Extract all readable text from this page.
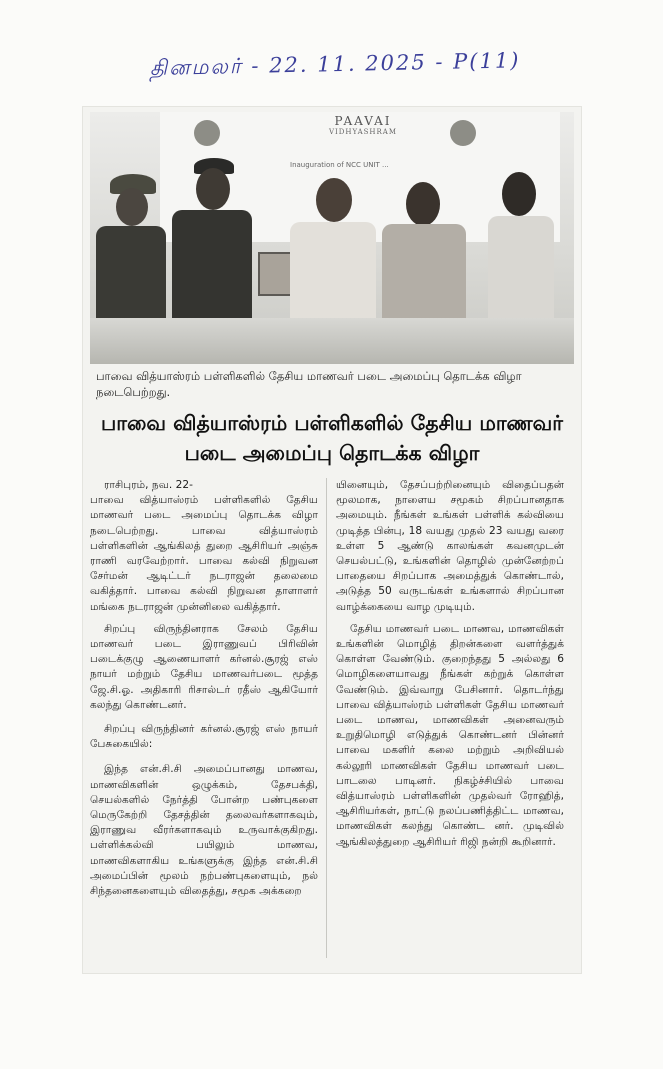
தினமலர் - 22. 11. 2025 - P(11)
PAAVAI
VIDHYASHRAM
Inauguration of NCC UNIT ...
பாவை வித்யாஸ்ரம் பள்ளிகளில் தேசிய மாணவர் படை அமைப்பு தொடக்க விழா நடைபெற்றது.
பாவை வித்யாஸ்ரம் பள்ளிகளில் தேசிய மாணவர் படை அமைப்பு தொடக்க விழா

ராசிபுரம், நவ. 22-
பாவை வித்யாஸ்ரம் பள்ளிகளில் தேசிய மாணவர் படை அமைப்பு தொடக்க விழா நடைபெற்றது. பாவை வித்யாஸ்ரம் பள்ளிகளின் ஆங்கிலத் துறை ஆசிரியர் அஞ்சு ராணி வரவேற்றார். பாவை கல்வி நிறுவன சேர்மன் ஆடிட்டர் நடராஜன் தலைமை வகித்தார். பாவை கல்வி நிறுவன தாளாளர் மங்கை நடராஜன் முன்னிலை வகித்தார்.

சிறப்பு விருந்தினராக சேலம் தேசிய மாணவர் படை இராணுவப் பிரிவின் படைக்குழு ஆணையாளர் கர்னல்.சூரஜ் எஸ் நாயர் மற்றும் தேசிய மாணவர்படை மூத்த ஜே.சி.ஓ. அதிகாரி ரிசால்டர் ரதீஸ் ஆகியோர் கலந்து கொண்டனர்.

சிறப்பு விருந்தினர் கர்னல்.சூரஜ் எஸ் நாயர் பேசுகையில்:

இந்த என்.சி.சி அமைப்பானது மாணவ, மாணவிகளின் ஒழுக்கம், தேசபக்தி, செயல்களில் நேர்த்தி போன்ற பண்புகளை மெருகேற்றி தேசத்தின் தலைவர்களாகவும், இராணுவ வீரர்களாகவும் உருவாக்குகிறது. பள்ளிக்கல்வி பயிலும் மாணவ, மாணவிகளாகிய உங்களுக்கு இந்த என்.சி.சி அமைப்பின் மூலம் நற்பண்புகளையும், நல் சிந்தனைகளையும் விதைத்து, சமூக அக்கறை

யினையும், தேசப்பற்றினையும் விதைப்பதன் மூலமாக, நாளைய சமூகம் சிறப்பானதாக அமையும். நீங்கள் உங்கள் பள்ளிக் கல்வியை முடித்த பின்பு, 18 வயது முதல் 23 வயது வரை உள்ள 5 ஆண்டு காலங்கள் கவனமுடன் செயல்பட்டு, உங்களின் தொழில் முன்னேற்றப் பாதையை சிறப்பாக அமைத்துக் கொண்டால், அடுத்த 50 வருடங்கள் உங்களால் சிறப்பான வாழ்க்கையை வாழ முடியும்.

தேசிய மாணவர் படை மாணவ, மாணவிகள் உங்களின் மொழித் திறன்களை வளர்த்துக் கொள்ள வேண்டும். குறைந்தது 5 அல்லது 6 மொழிகளையாவது நீங்கள் கற்றுக் கொள்ள வேண்டும். இவ்வாறு பேசினார். தொடர்ந்து பாவை வித்யாஸ்ரம் பள்ளிகள் தேசிய மாணவர் படை மாணவ, மாணவிகள் அனைவரும் உறுதிமொழி எடுத்துக் கொண்டனர் பின்னர் பாவை மகளிர் கலை மற்றும் அறிவியல் கல்லூரி மாணவிகள் தேசிய மாணவர் படை பாடலை பாடினர். நிகழ்ச்சியில் பாவை வித்யாஸ்ரம் பள்ளிகளின் முதல்வர் ரோஹித், ஆசிரியர்கள், நாட்டு நலப்பணித்திட்ட மாணவ, மாணவிகள் கலந்து கொண்ட னர். முடிவில் ஆங்கிலத்துறை ஆசிரியர் ரிஜி நன்றி கூறினார்.
